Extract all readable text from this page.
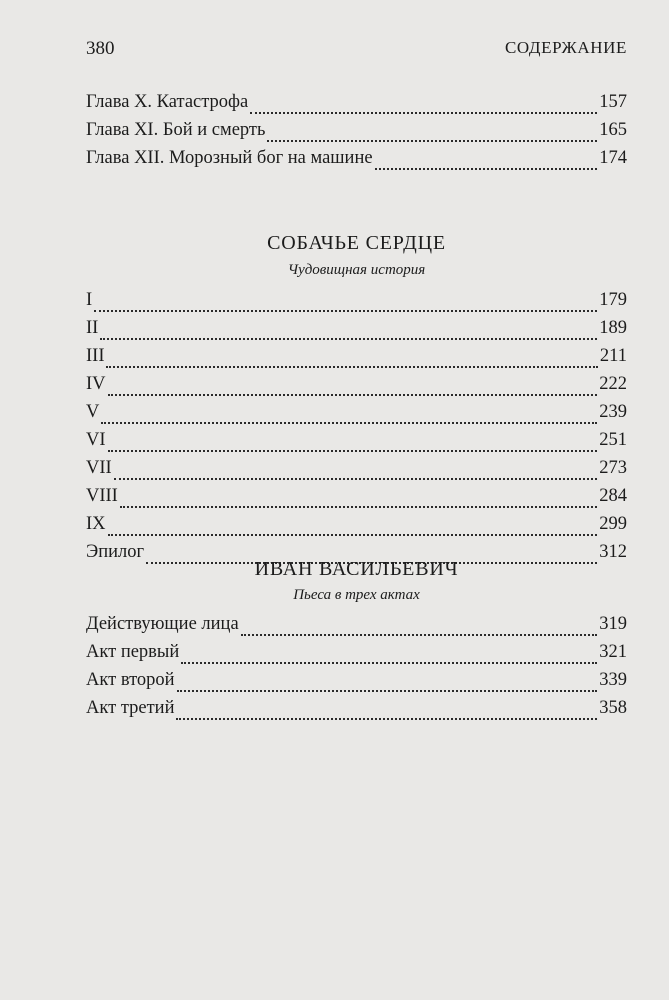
380	СОДЕРЖАНИЕ
Глава X. Катастрофа	157
Глава XI. Бой и смерть	165
Глава XII. Морозный бог на машине	174
СОБАЧЬЕ СЕРДЦЕ
Чудовищная история
I	179
II	189
III	211
IV	222
V	239
VI	251
VII	273
VIII	284
IX	299
Эпилог	312
ИВАН ВАСИЛЬЕВИЧ
Пьеса в трех актах
Действующие лица	319
Акт первый	321
Акт второй	339
Акт третий	358
